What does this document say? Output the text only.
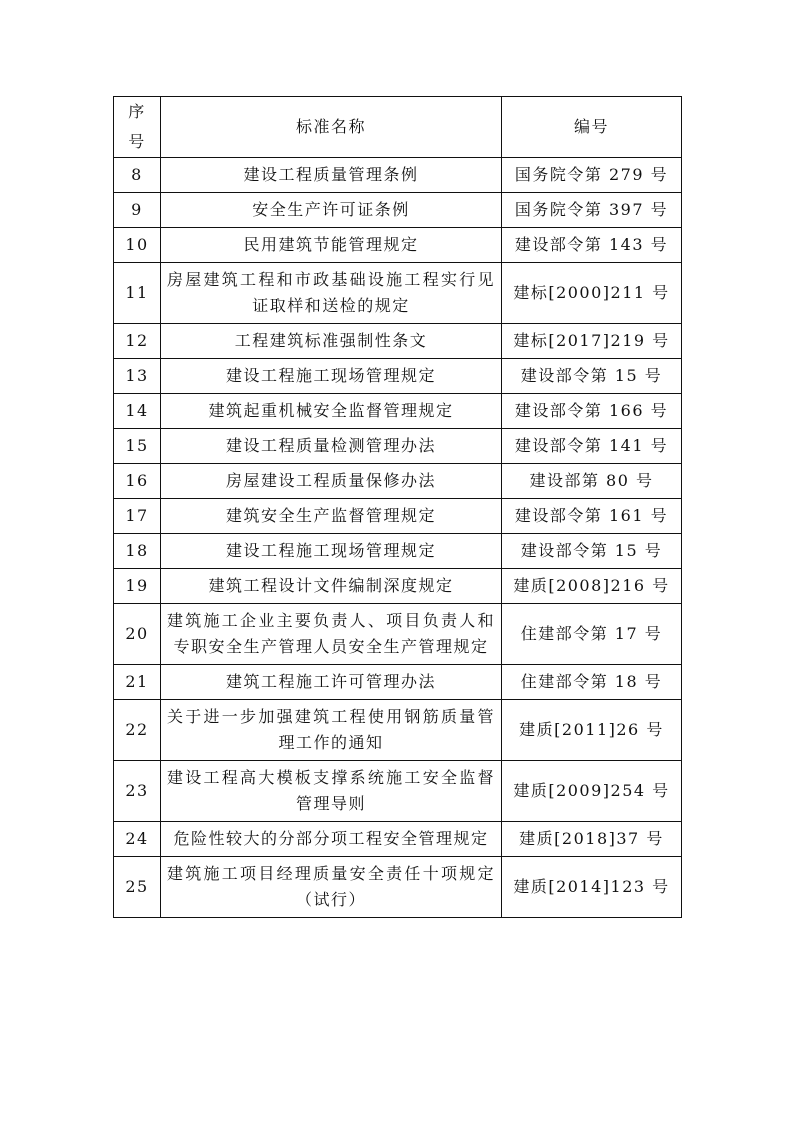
序号	标准名称	编号
8	建设工程质量管理条例	国务院令第 279 号
9	安全生产许可证条例	国务院令第 397 号
10	民用建筑节能管理规定	建设部令第 143 号
11	房屋建筑工程和市政基础设施工程实行见证取样和送检的规定	建标[2000]211 号
12	工程建筑标准强制性条文	建标[2017]219 号
13	建设工程施工现场管理规定	建设部令第 15 号
14	建筑起重机械安全监督管理规定	建设部令第 166 号
15	建设工程质量检测管理办法	建设部令第 141 号
16	房屋建设工程质量保修办法	建设部第 80 号
17	建筑安全生产监督管理规定	建设部令第 161 号
18	建设工程施工现场管理规定	建设部令第 15 号
19	建筑工程设计文件编制深度规定	建质[2008]216 号
20	建筑施工企业主要负责人、项目负责人和专职安全生产管理人员安全生产管理规定	住建部令第 17 号
21	建筑工程施工许可管理办法	住建部令第 18 号
22	关于进一步加强建筑工程使用钢筋质量管理工作的通知	建质[2011]26 号
23	建设工程高大模板支撑系统施工安全监督管理导则	建质[2009]254 号
24	危险性较大的分部分项工程安全管理规定	建质[2018]37 号
25	建筑施工项目经理质量安全责任十项规定（试行）	建质[2014]123 号
